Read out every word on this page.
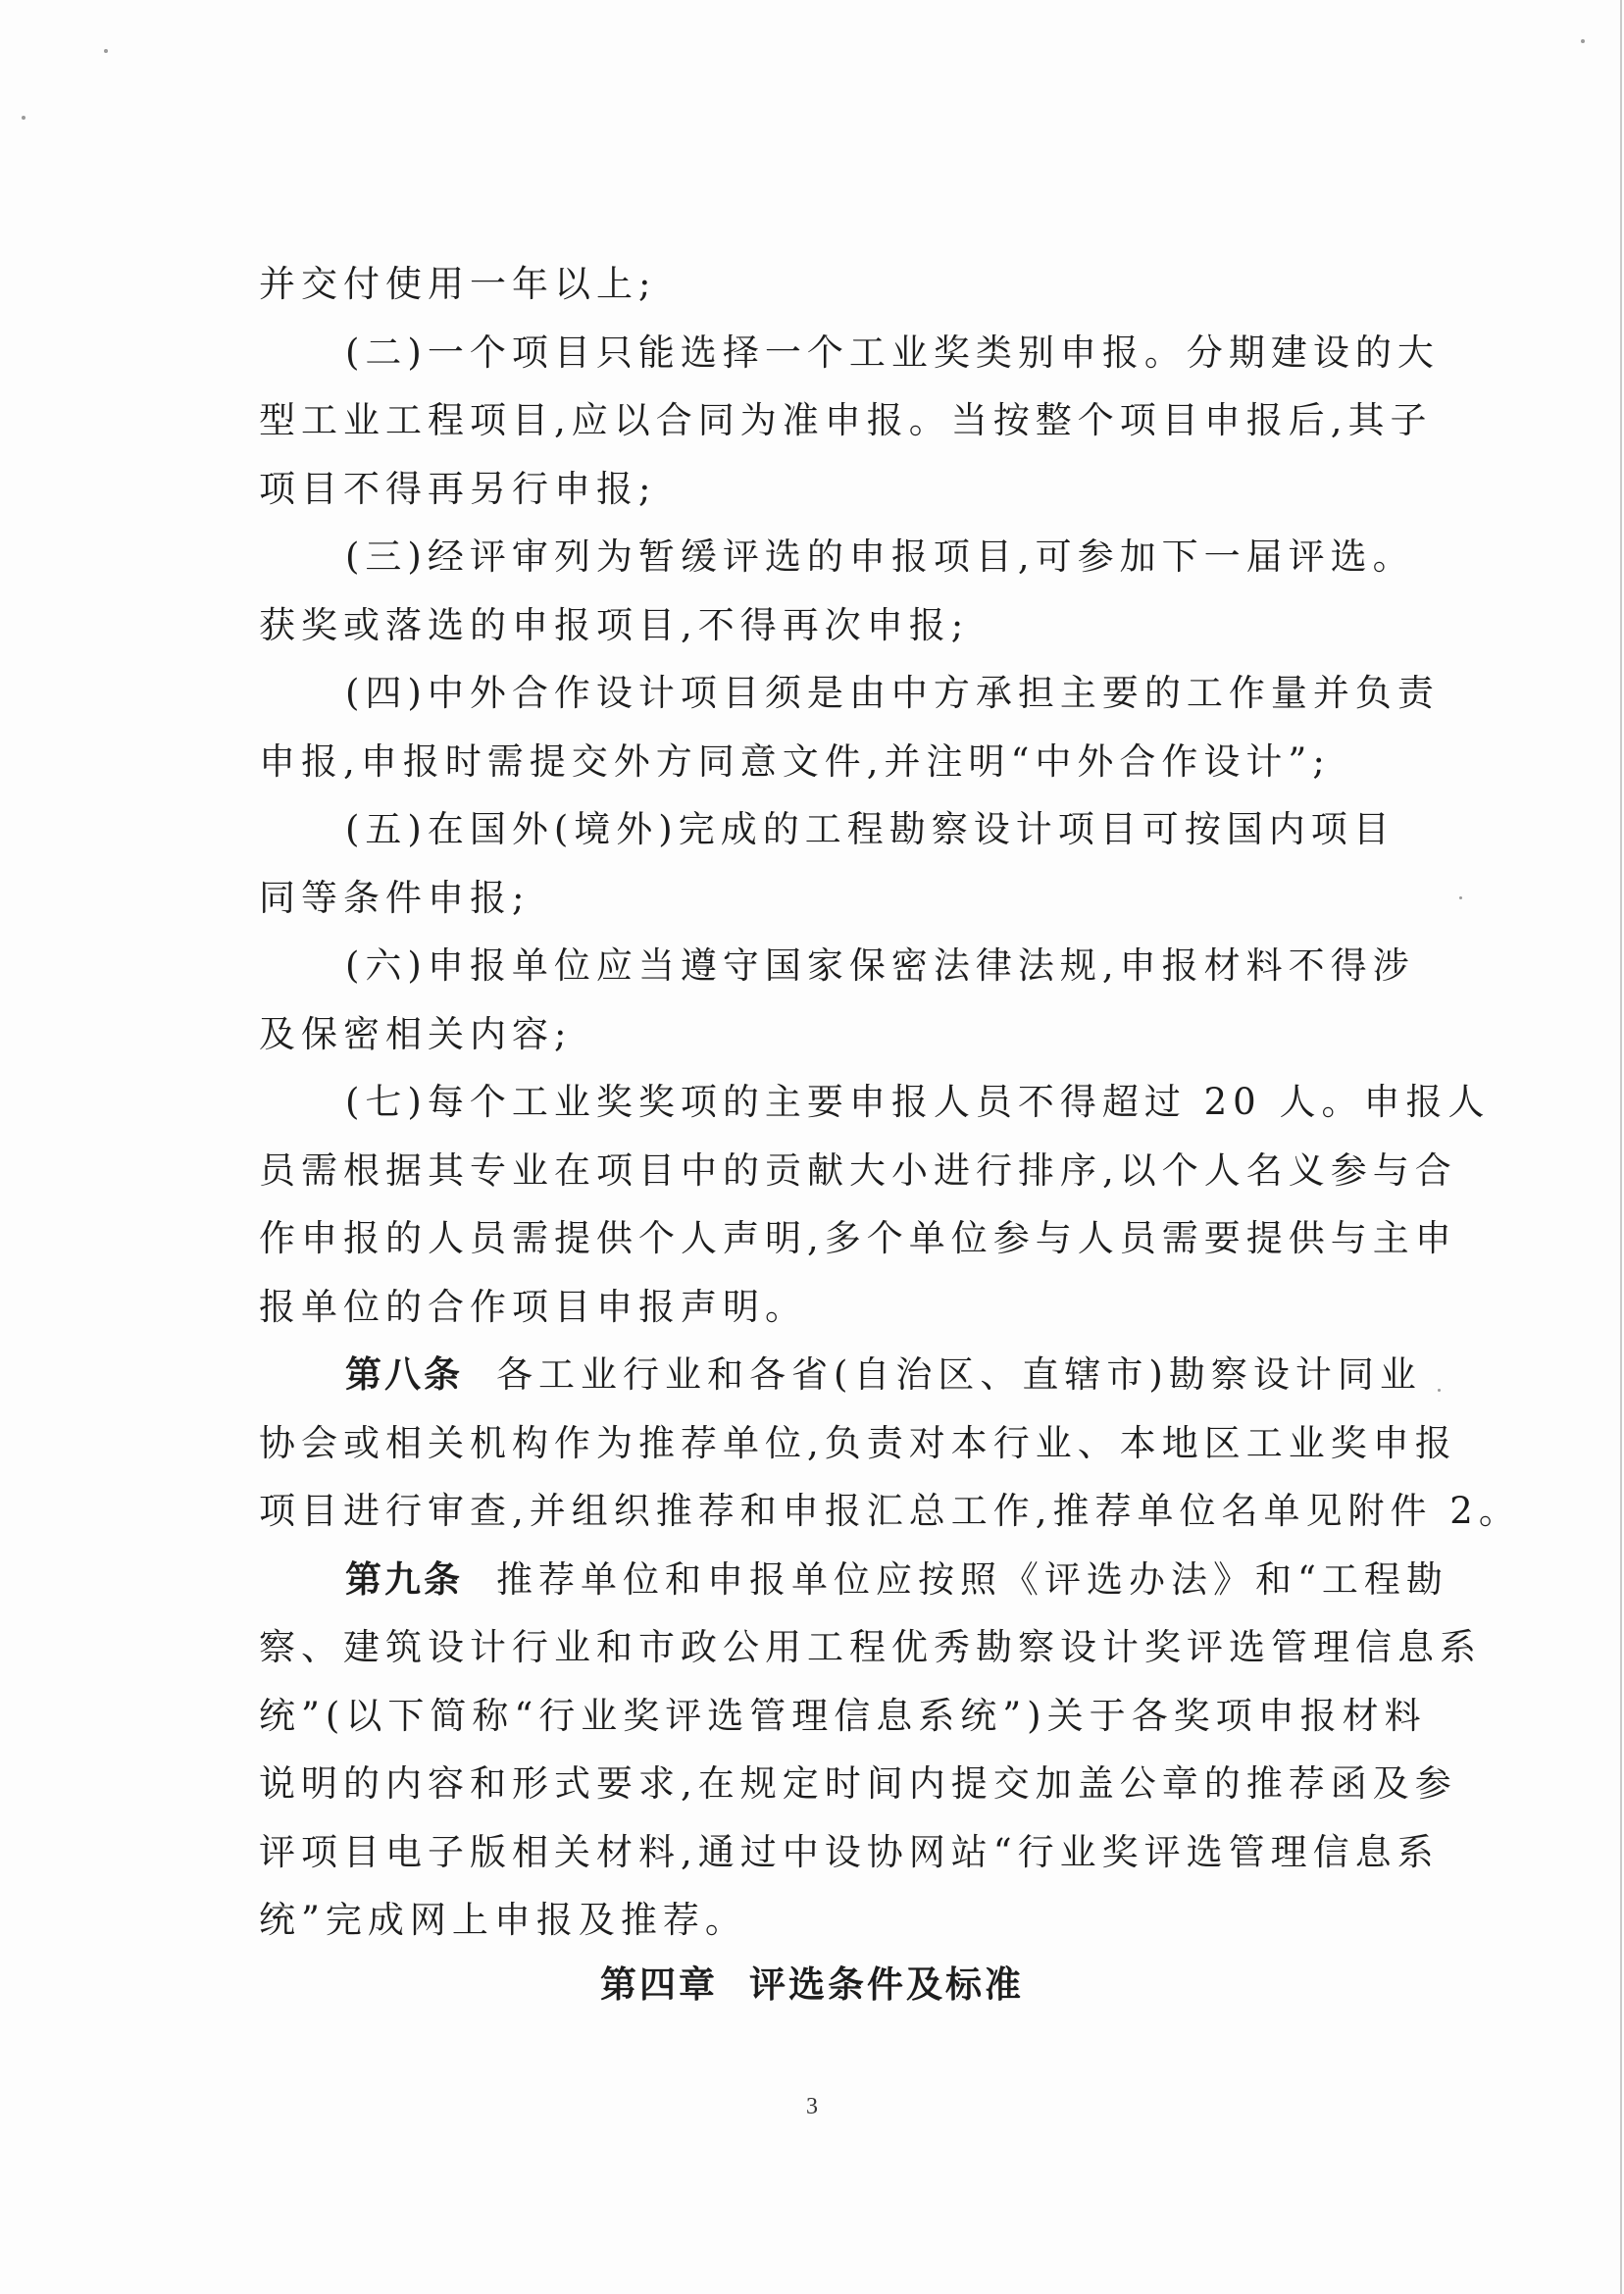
并交付使用一年以上;
(二)一个项目只能选择一个工业奖类别申报。分期建设的大
型工业工程项目,应以合同为准申报。当按整个项目申报后,其子
项目不得再另行申报;
(三)经评审列为暂缓评选的申报项目,可参加下一届评选。
获奖或落选的申报项目,不得再次申报;
(四)中外合作设计项目须是由中方承担主要的工作量并负责
申报,申报时需提交外方同意文件,并注明“中外合作设计”;
(五)在国外(境外)完成的工程勘察设计项目可按国内项目
同等条件申报;
(六)申报单位应当遵守国家保密法律法规,申报材料不得涉
及保密相关内容;
(七)每个工业奖奖项的主要申报人员不得超过 20 人。申报人
员需根据其专业在项目中的贡献大小进行排序,以个人名义参与合
作申报的人员需提供个人声明,多个单位参与人员需要提供与主申
报单位的合作项目申报声明。
第八条 各工业行业和各省(自治区、直辖市)勘察设计同业
协会或相关机构作为推荐单位,负责对本行业、本地区工业奖申报
项目进行审查,并组织推荐和申报汇总工作,推荐单位名单见附件 2。
第九条 推荐单位和申报单位应按照《评选办法》和“工程勘
察、建筑设计行业和市政公用工程优秀勘察设计奖评选管理信息系
统”(以下简称“行业奖评选管理信息系统”)关于各奖项申报材料
说明的内容和形式要求,在规定时间内提交加盖公章的推荐函及参
评项目电子版相关材料,通过中设协网站“行业奖评选管理信息系
统”完成网上申报及推荐。
第四章 评选条件及标准
3
